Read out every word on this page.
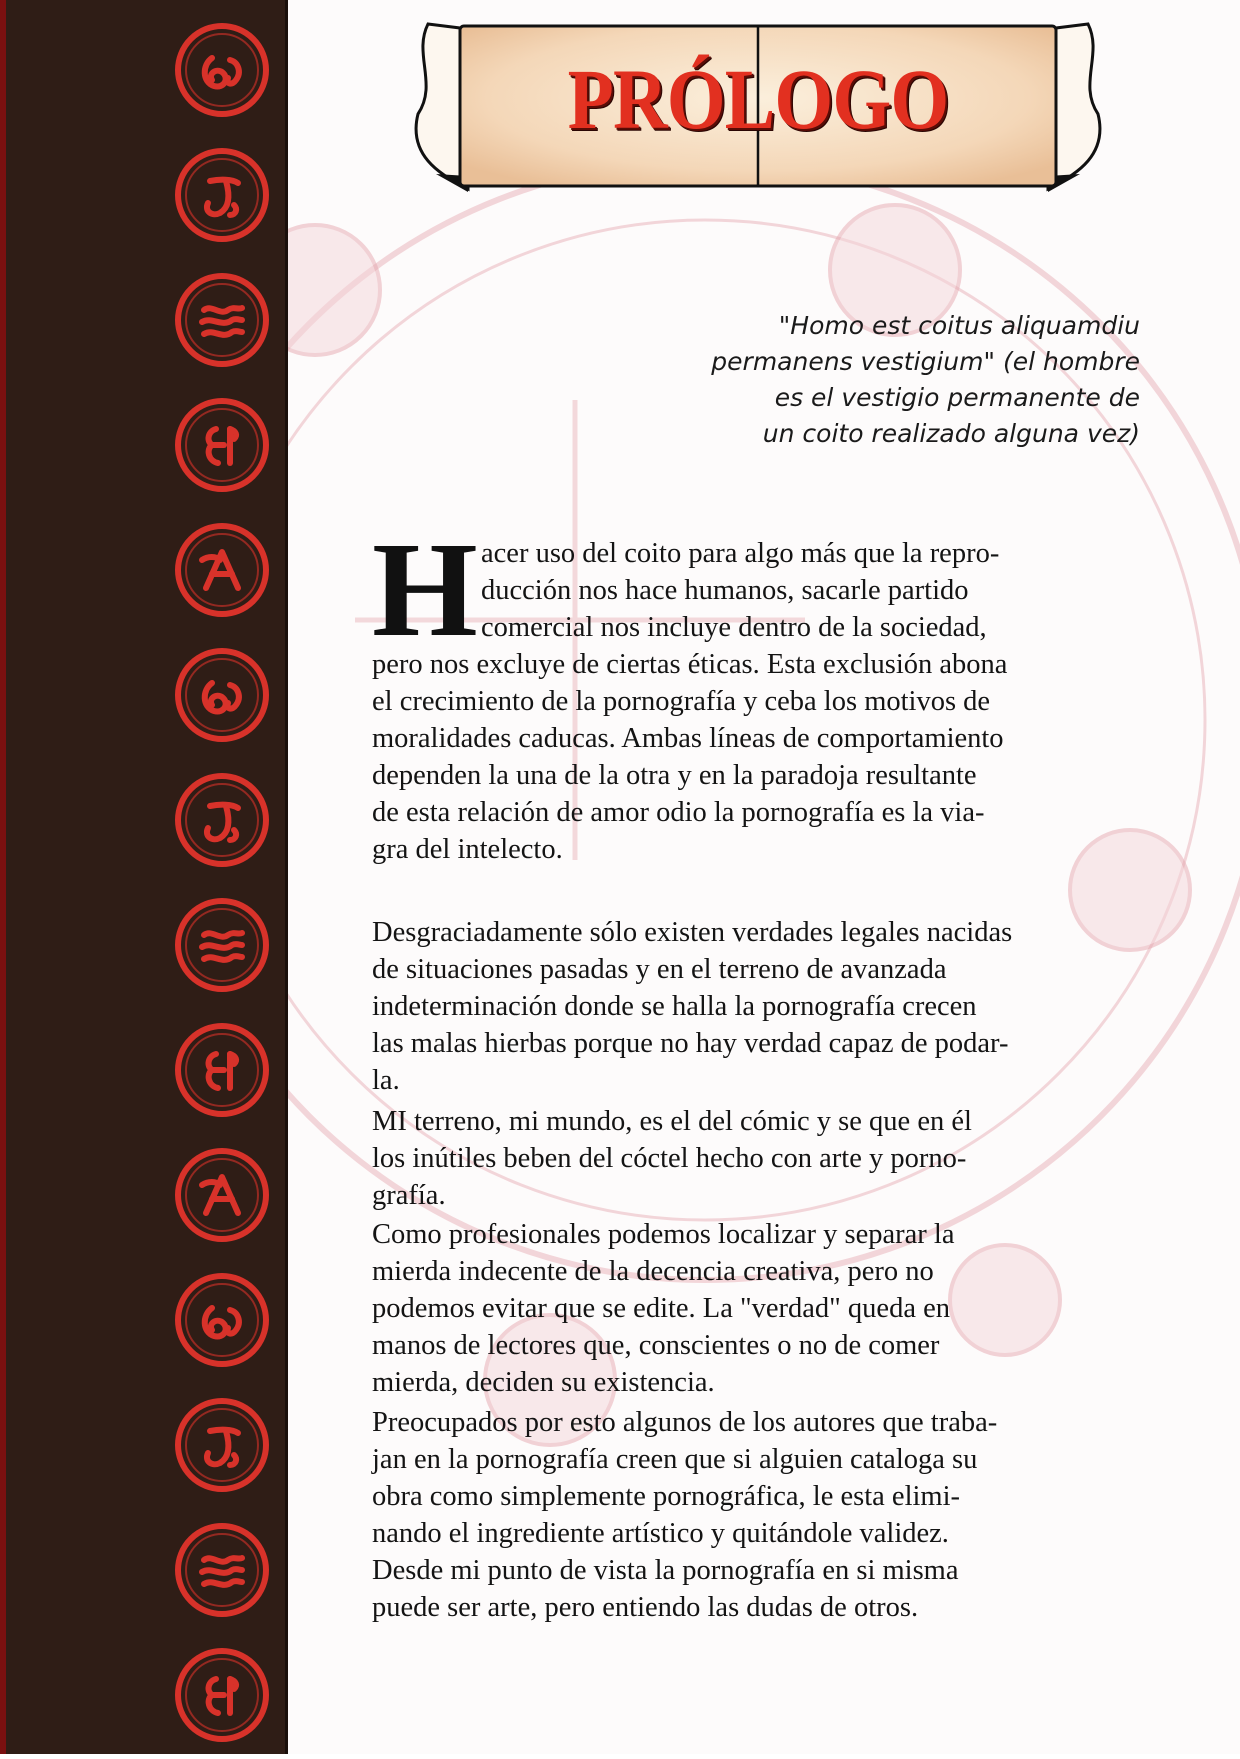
PRÓLOGO
"Homo est coitus aliquamdiu
permanens vestigium" (el hombre
es el vestigio permanente de
un coito realizado alguna vez)
H acer uso del coito para algo más que la repro-
ducción nos hace humanos, sacarle partido
comercial nos incluye dentro de la sociedad,
pero nos excluye de ciertas éticas. Esta exclusión abona
el crecimiento de la pornografía y ceba los motivos de
moralidades caducas. Ambas líneas de comportamiento
dependen la una de la otra y en la paradoja resultante
de esta relación de amor odio la pornografía es la via-
gra del intelecto.
Desgraciadamente sólo existen verdades legales nacidas
de situaciones pasadas y en el terreno de avanzada
indeterminación donde se halla la pornografía crecen
las malas hierbas porque no hay verdad capaz de podar-
la.
MI terreno, mi mundo, es el del cómic y se que en él
los inútiles beben del cóctel hecho con arte y porno-
grafía.
Como profesionales podemos localizar y separar la
mierda indecente de la decencia creativa, pero no
podemos evitar que se edite. La "verdad" queda en
manos de lectores que, conscientes o no de comer
mierda, deciden su existencia.
Preocupados por esto algunos de los autores que traba-
jan en la pornografía creen que si alguien cataloga su
obra como simplemente pornográfica, le esta elimi-
nando el ingrediente artístico y quitándole validez.
Desde mi punto de vista la pornografía en si misma
puede ser arte, pero entiendo las dudas de otros.
